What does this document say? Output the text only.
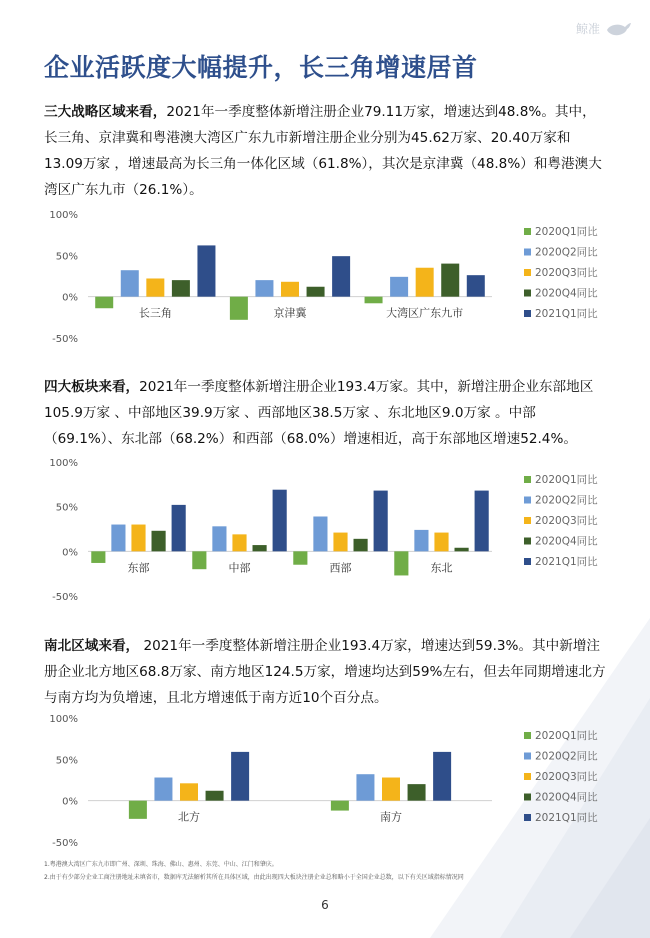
鲸准
企业活跃度大幅提升，长三角增速居首

三大战略区域来看，2021年一季度整体新增注册企业79.11万家，增速达到48.8%。其中，长三角、京津冀和粤港澳大湾区广东九市新增注册企业分别为45.62万家、20.40万家和13.09万家 ，增速最高为长三角一体化区域（61.8%），其次是京津冀（48.8%）和粤港澳大湾区广东九市（26.1%）。

100%
50%
0%
-50%
长三角	京津冀	大湾区广东九市
2020Q1同比
2020Q2同比
2020Q3同比
2020Q4同比
2021Q1同比

四大板块来看，2021年一季度整体新增注册企业193.4万家。其中，新增注册企业东部地区105.9万家 、中部地区39.9万家 、西部地区38.5万家 、东北地区9.0万家 。中部（69.1%）、东北部（68.2%）和西部（68.0%）增速相近，高于东部地区增速52.4%。

100%
50%
0%
-50%
东部	中部	西部	东北
2020Q1同比
2020Q2同比
2020Q3同比
2020Q4同比
2021Q1同比

南北区域来看， 2021年一季度整体新增注册企业193.4万家，增速达到59.3%。其中新增注册企业北方地区68.8万家、南方地区124.5万家，增速均达到59%左右，但去年同期增速北方与南方均为负增速，且北方增速低于南方近10个百分点。

100%
50%
0%
-50%
北方	南方
2020Q1同比
2020Q2同比
2020Q3同比
2020Q4同比
2021Q1同比

1.粤港澳大湾区广东九市即广州、深圳、珠海、佛山、惠州、东莞、中山、江门和肇庆。

2.由于有少部分企业工商注册地址未填省市，数据库无法解析其所在具体区域，由此出现四大板块注册企业总和略小于全国企业总数，以下有关区域指标情况同

6
